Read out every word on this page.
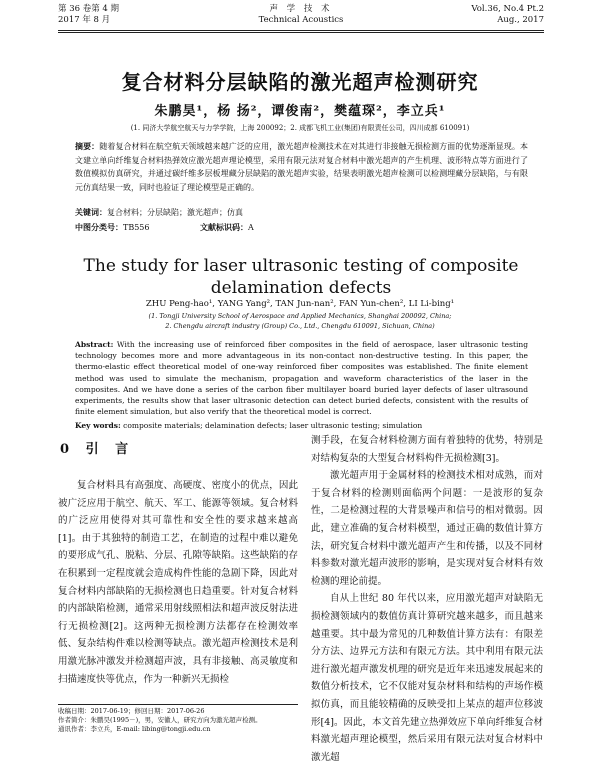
第 36 卷第 4 期
2017 年 8 月
声 学 技 术
Technical Acoustics
Vol.36, No.4 Pt.2
Aug., 2017
复合材料分层缺陷的激光超声检测研究
朱鹏昊¹，杨 扬²，谭俊南²，樊蕴琛²，李立兵¹
(1. 同济大学航空航天与力学学院，上海 200092；2. 成都飞机工业(集团)有限责任公司，四川成都 610091)
摘要：随着复合材料在航空航天领域越来越广泛的应用，激光超声检测技术在对其进行非接触无损检测方面的优势逐渐显现。本文建立单向纤维复合材料热弹效应激光超声理论模型，采用有限元法对复合材料中激光超声的产生机理、波形特点等方面进行了数值模拟仿真研究，并通过碳纤维多层板埋藏分层缺陷的激光超声实验，结果表明激光超声检测可以检测埋藏分层缺陷，与有限元仿真结果一致，同时也验证了理论模型是正确的。
关键词：复合材料；分层缺陷；激光超声；仿真
中图分类号：TB556	文献标识码：A
The study for laser ultrasonic testing of composite delamination defects
ZHU Peng-hao¹, YANG Yang², TAN Jun-nan², FAN Yun-chen², LI Li-bing¹
(1. Tongji University School of Aerospace and Applied Mechanics, Shanghai 200092, China;
2. Chengdu aircraft industry (Group) Co., Ltd., Chengdu 610091, Sichuan, China)
Abstract: With the increasing use of reinforced fiber composites in the field of aerospace, laser ultrasonic testing technology becomes more and more advantageous in its non-contact non-destructive testing. In this paper, the thermo-elastic effect theoretical model of one-way reinforced fiber composites was established. The finite element method was used to simulate the mechanism, propagation and waveform characteristics of the laser in the composites. And we have done a series of the carbon fiber multilayer board buried layer defects of laser ultrasound experiments, the results show that laser ultrasonic detection can detect buried defects, consistent with the results of finite element simulation, but also verify that the theoretical model is correct.
Key words: composite materials; delamination defects; laser ultrasonic testing; simulation
0 引 言
复合材料具有高强度、高硬度、密度小的优点，因此被广泛应用于航空、航天、军工、能源等领域。复合材料的广泛应用使得对其可靠性和安全性的要求越来越高[1]。由于其独特的制造工艺，在制造的过程中难以避免的要形成气孔、脱粘、分层、孔隙等缺陷。这些缺陷的存在积累到一定程度就会造成构件性能的急剧下降，因此对复合材料内部缺陷的无损检测也日趋重要。针对复合材料的内部缺陷检测，通常采用射线照相法和超声波反射法进行无损检测[2]。这两种无损检测方法都存在检测效率低、复杂结构件难以检测等缺点。激光超声检测技术是利用激光脉冲激发并检测超声波，具有非接触、高灵敏度和扫描速度快等优点，作为一种新兴无损检
测手段，在复合材料检测方面有着独特的优势，特别是对结构复杂的大型复合材料构件无损检测[3]。
激光超声用于金属材料的检测技术相对成熟，而对于复合材料的检测则面临两个问题：一是波形的复杂性，二是检测过程的大背景噪声和信号的相对微弱。因此，建立准确的复合材料模型，通过正确的数值计算方法，研究复合材料中激光超声产生和传播，以及不同材料参数对激光超声波形的影响，是实现对复合材料有效检测的理论前提。
自从上世纪 80 年代以来，应用激光超声对缺陷无损检测领域内的数值仿真计算研究越来越多，而且越来越重要。其中最为常见的几种数值计算方法有：有限差分方法、边界元方法和有限元方法。其中利用有限元法进行激光超声激发机理的研究是近年来迅速发展起来的数值分析技术，它不仅能对复杂材料和结构的声场作模拟仿真，而且能较精确的反映受扣上某点的超声位移波形[4]。因此，本文首先建立热弹效应下单向纤维复合材料激光超声理论模型，然后采用有限元法对复合材料中激光超
收稿日期：2017-06-19；修回日期：2017-06-26
作者简介：朱鹏昊(1995－)，男，安徽人，研究方向为激光超声检测。
通讯作者：李立兵，E-mail: libing@tongji.edu.cn
